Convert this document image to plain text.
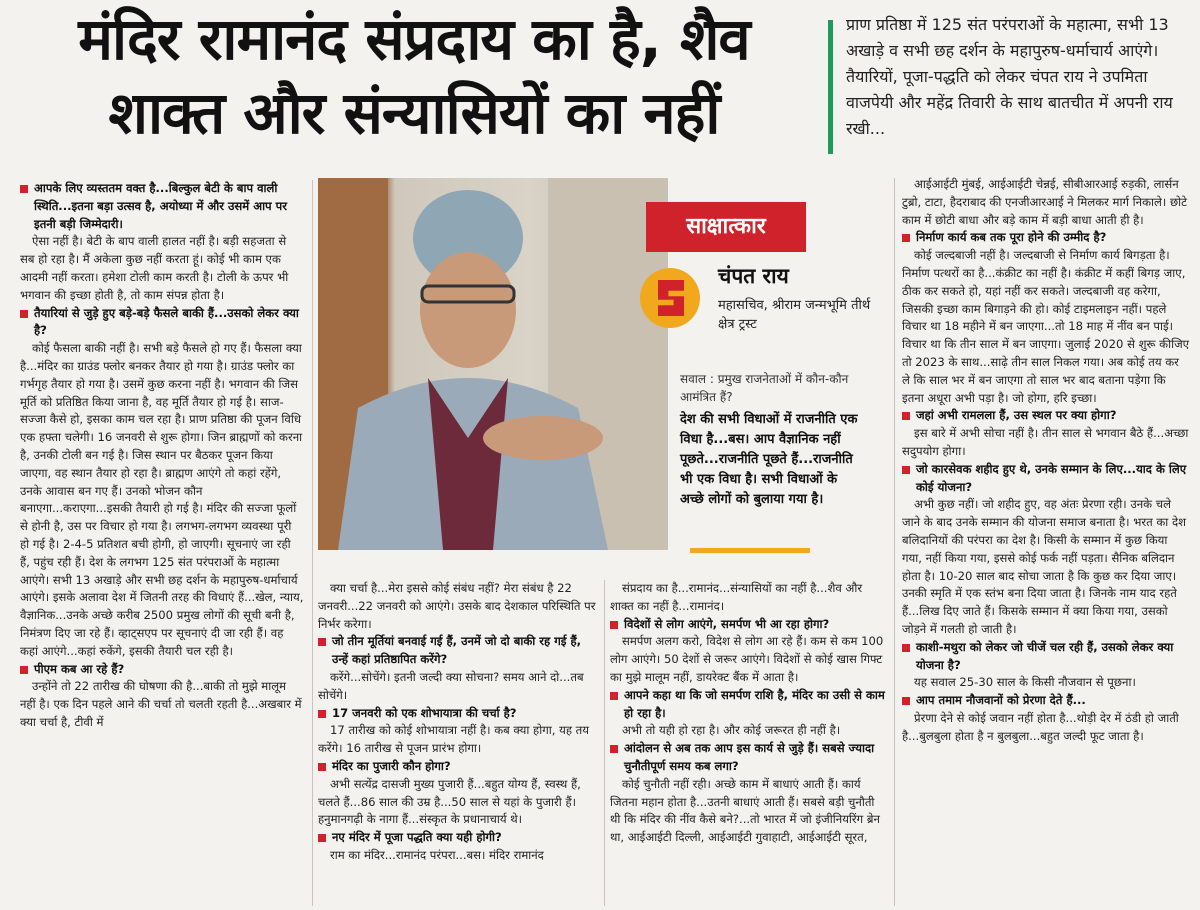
मंदिर रामानंद संप्रदाय का है, शैव
शाक्त और संन्यासियों का नहीं
प्राण प्रतिष्ठा में 125 संत परंपराओं के महात्मा, सभी 13 अखाड़े व सभी छह दर्शन के महापुरुष-धर्माचार्य आएंगे। तैयारियों, पूजा-पद्धति को लेकर चंपत राय ने उपमिता वाजपेयी और महेंद्र तिवारी के साथ बातचीत में अपनी राय रखी...

आपके लिए व्यस्ततम वक्त है...बिल्कुल बेटी के बाप वाली स्थिति...इतना बड़ा उत्सव है, अयोध्या में और उसमें आप पर इतनी बड़ी जिम्मेदारी।

ऐसा नहीं है। बेटी के बाप वाली हालत नहीं है। बड़ी सहजता से सब हो रहा है। मैं अकेला कुछ नहीं करता हूं। कोई भी काम एक आदमी नहीं करता। हमेशा टोली काम करती है। टोली के ऊपर भी भगवान की इच्छा होती है, तो काम संपन्न होता है।

तैयारियां से जुड़े हुए बड़े-बड़े फैसले बाकी हैं...उसको लेकर क्या है?

कोई फैसला बाकी नहीं है। सभी बड़े फैसले हो गए हैं। फैसला क्या है...मंदिर का ग्राउंड फ्लोर बनकर तैयार हो गया है। ग्राउंड फ्लोर का गर्भगृह तैयार हो गया है। उसमें कुछ करना नहीं है। भगवान की जिस मूर्ति को प्रतिष्ठित किया जाना है, वह मूर्ति तैयार हो गई है। साज-सज्जा कैसे हो, इसका काम चल रहा है। प्राण प्रतिष्ठा की पूजन विधि एक हफ्ता चलेगी। 16 जनवरी से शुरू होगा। जिन ब्राह्मणों को करना है, उनकी टोली बन गई है। जिस स्थान पर बैठकर पूजन किया जाएगा, वह स्थान तैयार हो रहा है। ब्राह्मण आएंगे तो कहां रहेंगे, उनके आवास बन गए हैं। उनको भोजन कौन बनाएगा...कराएगा...इसकी तैयारी हो गई है। मंदिर की सज्जा फूलों से होनी है, उस पर विचार हो गया है। लगभग-लगभग व्यवस्था पूरी हो गई है। 2-4-5 प्रतिशत बची होगी, हो जाएगी। सूचनाएं जा रही हैं, पहुंच रही हैं। देश के लगभग 125 संत परंपराओं के महात्मा आएंगे। सभी 13 अखाड़े और सभी छह दर्शन के महापुरुष-धर्माचार्य आएंगे। इसके अलावा देश में जितनी तरह की विधाएं हैं...खेल, न्याय, वैज्ञानिक...उनके अच्छे करीब 2500 प्रमुख लोगों की सूची बनी है, निमंत्रण दिए जा रहे हैं। व्हाट्सएप पर सूचनाएं दी जा रही हैं। वह कहां आएंगे...कहां रुकेंगे, इसकी तैयारी चल रही है।

पीएम कब आ रहे हैं?

उन्होंने तो 22 तारीख की घोषणा की है...बाकी तो मुझे मालूम नहीं है। एक दिन पहले आने की चर्चा तो चलती रहती है...अखबार में क्या चर्चा है, टीवी में

साक्षात्कार
चंपत राय
महासचिव, श्रीराम जन्मभूमि तीर्थ क्षेत्र ट्रस्ट
सवाल : प्रमुख राजनेताओं में कौन-कौन आमंत्रित हैं?
देश की सभी विधाओं में राजनीति एक विधा है...बस। आप वैज्ञानिक नहीं पूछते...राजनीति पूछते हैं...राजनीति भी एक विधा है। सभी विधाओं के अच्छे लोगों को बुलाया गया है।

क्या चर्चा है...मेरा इससे कोई संबंध नहीं? मेरा संबंध है 22 जनवरी...22 जनवरी को आएंगे। उसके बाद देशकाल परिस्थिति पर निर्भर करेगा।

जो तीन मूर्तियां बनवाई गई हैं, उनमें जो दो बाकी रह गई हैं, उन्हें कहां प्रतिष्ठापित करेंगे?

करेंगे...सोचेंगे। इतनी जल्दी क्या सोचना? समय आने दो...तब सोचेंगे।

17 जनवरी को एक शोभायात्रा की चर्चा है?

17 तारीख को कोई शोभायात्रा नहीं है। कब क्या होगा, यह तय करेंगे। 16 तारीख से पूजन प्रारंभ होगा।

मंदिर का पुजारी कौन होगा?

अभी सत्येंद्र दासजी मुख्य पुजारी हैं...बहुत योग्य हैं, स्वस्थ हैं, चलते हैं...86 साल की उम्र है...50 साल से यहां के पुजारी हैं। हनुमानगढ़ी के नागा हैं...संस्कृत के प्रधानाचार्य थे।

नए मंदिर में पूजा पद्धति क्या यही होगी?

राम का मंदिर...रामानंद परंपरा...बस। मंदिर रामानंद

संप्रदाय का है...रामानंद...संन्यासियों का नहीं है...शैव और शाक्त का नहीं है...रामानंद।

विदेशों से लोग आएंगे, समर्पण भी आ रहा होगा?

समर्पण अलग करो, विदेश से लोग आ रहे हैं। कम से कम 100 लोग आएंगे। 50 देशों से जरूर आएंगे। विदेशों से कोई खास गिफ्ट का मुझे मालूम नहीं, डायरेक्ट बैंक में आता है।

आपने कहा था कि जो समर्पण राशि है, मंदिर का उसी से काम हो रहा है।

अभी तो यही हो रहा है। और कोई जरूरत ही नहीं है।

आंदोलन से अब तक आप इस कार्य से जुड़े हैं। सबसे ज्यादा चुनौतीपूर्ण समय कब लगा?

कोई चुनौती नहीं रही। अच्छे काम में बाधाएं आती हैं। कार्य जितना महान होता है...उतनी बाधाएं आती हैं। सबसे बड़ी चुनौती थी कि मंदिर की नींव कैसे बने?...तो भारत में जो इंजीनियरिंग ब्रेन था, आईआईटी दिल्ली, आईआईटी गुवाहाटी, आईआईटी सूरत,

आईआईटी मुंबई, आईआईटी चेन्नई, सीबीआरआई रुड़की, लार्सन टुब्रो, टाटा, हैदराबाद की एनजीआरआई ने मिलकर मार्ग निकाले। छोटे काम में छोटी बाधा और बड़े काम में बड़ी बाधा आती ही है।

निर्माण कार्य कब तक पूरा होने की उम्मीद है?

कोई जल्दबाजी नहीं है। जल्दबाजी से निर्माण कार्य बिगड़ता है। निर्माण पत्थरों का है...कंक्रीट का नहीं है। कंक्रीट में कहीं बिगड़ जाए, ठीक कर सकते हो, यहां नहीं कर सकते। जल्दबाजी वह करेगा, जिसकी इच्छा काम बिगाड़ने की हो। कोई टाइमलाइन नहीं। पहले विचार था 18 महीने में बन जाएगा...तो 18 माह में नींव बन पाई। विचार था कि तीन साल में बन जाएगा। जुलाई 2020 से शुरू कीजिए तो 2023 के साथ...साढ़े तीन साल निकल गया। अब कोई तय कर ले कि साल भर में बन जाएगा तो साल भर बाद बताना पड़ेगा कि इतना अधूरा अभी पड़ा है। जो होगा, हरि इच्छा।

जहां अभी रामलला हैं, उस स्थल पर क्या होगा?

इस बारे में अभी सोचा नहीं है। तीन साल से भगवान बैठे हैं...अच्छा सदुपयोग होगा।

जो कारसेवक शहीद हुए थे, उनके सम्मान के लिए...याद के लिए कोई योजना?

अभी कुछ नहीं। जो शहीद हुए, वह अंतः प्रेरणा रही। उनके चले जाने के बाद उनके सम्मान की योजना समाज बनाता है। भरत का देश बलिदानियों की परंपरा का देश है। किसी के सम्मान में कुछ किया गया, नहीं किया गया, इससे कोई फर्क नहीं पड़ता। सैनिक बलिदान होता है। 10-20 साल बाद सोचा जाता है कि कुछ कर दिया जाए। उनकी स्मृति में एक स्तंभ बना दिया जाता है। जिनके नाम याद रहते हैं...लिख दिए जाते हैं। किसके सम्मान में क्या किया गया, उसको जोड़ने में गलती हो जाती है।

काशी-मथुरा को लेकर जो चीजें चल रही हैं, उसको लेकर क्या योजना है?

यह सवाल 25-30 साल के किसी नौजवान से पूछना।

आप तमाम नौजवानों को प्रेरणा देते हैं...

प्रेरणा देने से कोई जवान नहीं होता है...थोड़ी देर में ठंडी हो जाती है...बुलबुला होता है न बुलबुला...बहुत जल्दी फूट जाता है।
